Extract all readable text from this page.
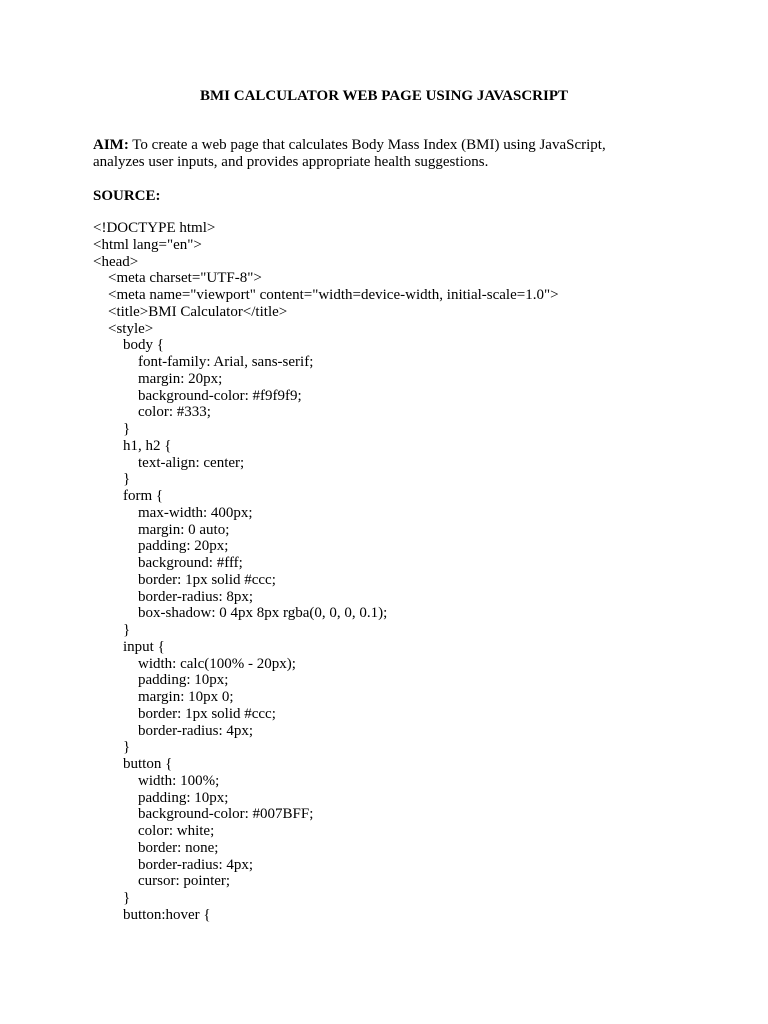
BMI CALCULATOR WEB PAGE USING JAVASCRIPT
AIM: To create a web page that calculates Body Mass Index (BMI) using JavaScript,
analyzes user inputs, and provides appropriate health suggestions.
SOURCE:
<!DOCTYPE html>
<html lang="en">
<head>
<meta charset="UTF-8">
<meta name="viewport" content="width=device-width, initial-scale=1.0">
<title>BMI Calculator</title>
<style>
body {
font-family: Arial, sans-serif;
margin: 20px;
background-color: #f9f9f9;
color: #333;
}
h1, h2 {
text-align: center;
}
form {
max-width: 400px;
margin: 0 auto;
padding: 20px;
background: #fff;
border: 1px solid #ccc;
border-radius: 8px;
box-shadow: 0 4px 8px rgba(0, 0, 0, 0.1);
}
input {
width: calc(100% - 20px);
padding: 10px;
margin: 10px 0;
border: 1px solid #ccc;
border-radius: 4px;
}
button {
width: 100%;
padding: 10px;
background-color: #007BFF;
color: white;
border: none;
border-radius: 4px;
cursor: pointer;
}
button:hover {
